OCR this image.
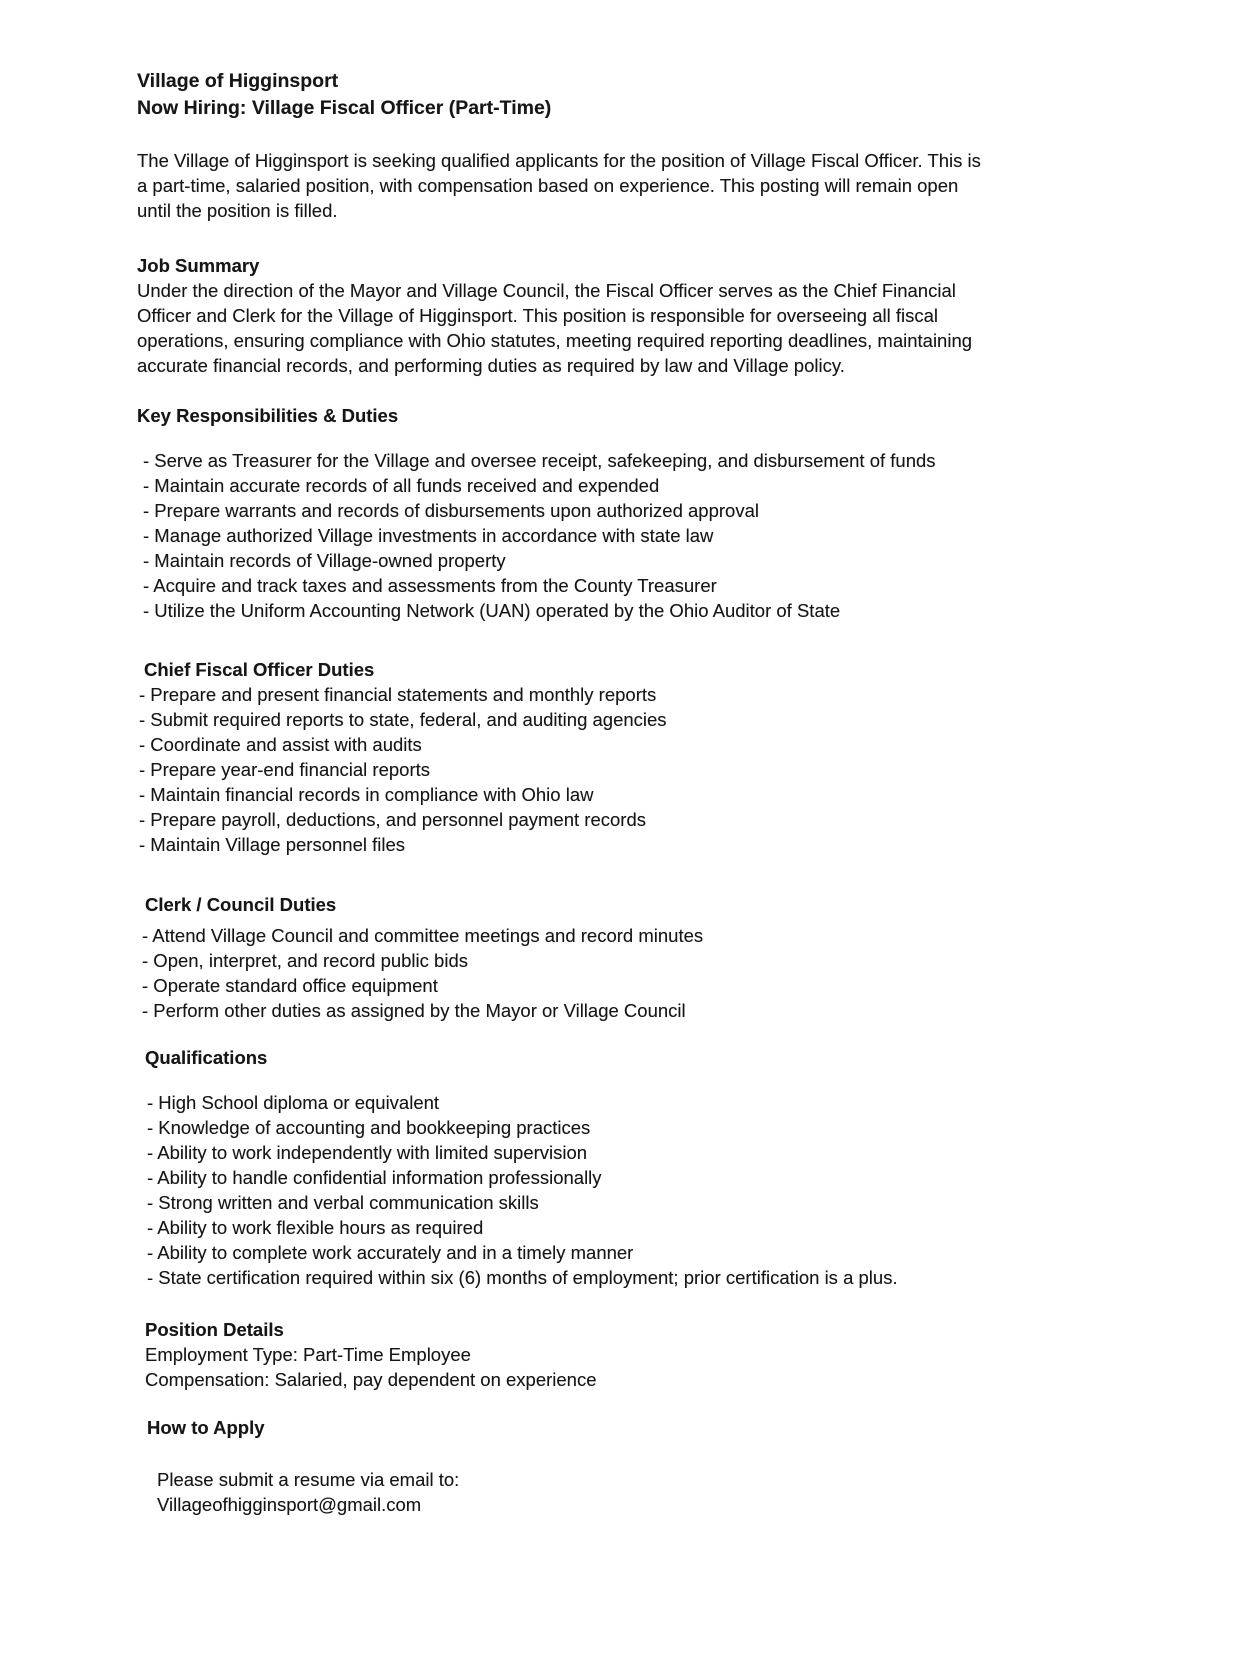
Village of Higginsport
Now Hiring: Village Fiscal Officer (Part-Time)
The Village of Higginsport is seeking qualified applicants for the position of Village Fiscal Officer. This is
a part-time, salaried position, with compensation based on experience. This posting will remain open
until the position is filled.
Job Summary
Under the direction of the Mayor and Village Council, the Fiscal Officer serves as the Chief Financial
Officer and Clerk for the Village of Higginsport. This position is responsible for overseeing all fiscal
operations, ensuring compliance with Ohio statutes, meeting required reporting deadlines, maintaining
accurate financial records, and performing duties as required by law and Village policy.
Key Responsibilities & Duties
- Serve as Treasurer for the Village and oversee receipt, safekeeping, and disbursement of funds
- Maintain accurate records of all funds received and expended
- Prepare warrants and records of disbursements upon authorized approval
- Manage authorized Village investments in accordance with state law
- Maintain records of Village-owned property
- Acquire and track taxes and assessments from the County Treasurer
- Utilize the Uniform Accounting Network (UAN) operated by the Ohio Auditor of State
Chief Fiscal Officer Duties
- Prepare and present financial statements and monthly reports
- Submit required reports to state, federal, and auditing agencies
- Coordinate and assist with audits
- Prepare year-end financial reports
- Maintain financial records in compliance with Ohio law
- Prepare payroll, deductions, and personnel payment records
- Maintain Village personnel files
Clerk / Council Duties
- Attend Village Council and committee meetings and record minutes
- Open, interpret, and record public bids
- Operate standard office equipment
- Perform other duties as assigned by the Mayor or Village Council
Qualifications
- High School diploma or equivalent
- Knowledge of accounting and bookkeeping practices
- Ability to work independently with limited supervision
- Ability to handle confidential information professionally
- Strong written and verbal communication skills
- Ability to work flexible hours as required
- Ability to complete work accurately and in a timely manner
- State certification required within six (6) months of employment; prior certification is a plus.
Position Details
Employment Type: Part-Time Employee
Compensation: Salaried, pay dependent on experience
How to Apply
Please submit a resume via email to:
Villageofhigginsport@gmail.com
